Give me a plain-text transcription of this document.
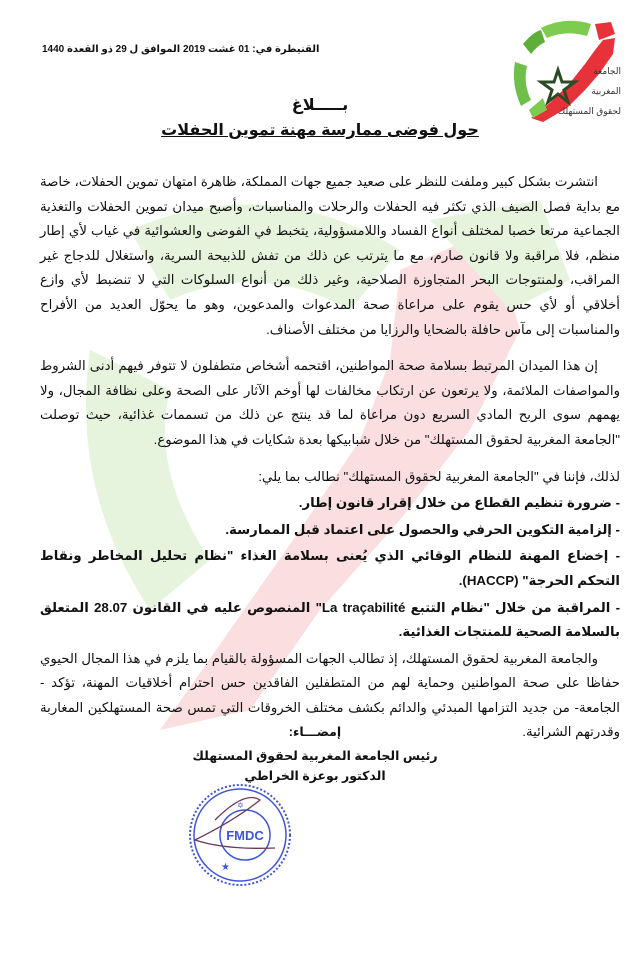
الجامعة
المغربية
لحقوق المستهلك
القنيطرة في: 01 غشت 2019 الموافق ل 29 ذو القعدة 1440
بـــــلاغ
حول فوضى ممارسة مهنة تموين الحفلات

انتشرت بشكل كبير وملفت للنظر على صعيد جميع جهات المملكة، ظاهرة امتهان تموين الحفلات، خاصة مع بداية فصل الصيف الذي تكثر فيه الحفلات والرحلات والمناسبات، وأصبح ميدان تموين الحفلات والتغذية الجماعية مرتعا خصبا لمختلف أنواع الفساد واللامسؤولية، يتخبط في الفوضى والعشوائية في غياب لأي إطار منظم، فلا مراقبة ولا قانون صارم، مع ما يترتب عن ذلك من تفش للذبيحة السرية، واستغلال للدجاج غير المراقب، ولمنتوجات البحر المتجاوزة الصلاحية، وغير ذلك من أنواع السلوكات التي لا تنضبط لأي وازع أخلاقي أو لأي حس يقوم على مراعاة صحة المدعوات والمدعوين، وهو ما يحوّل العديد من الأفراح والمناسبات إلى مآس حافلة بالضحايا والرزايا من مختلف الأصناف.

إن هذا الميدان المرتبط بسلامة صحة المواطنين، اقتحمه أشخاص متطفلون لا تتوفر فيهم أدنى الشروط والمواصفات الملائمة، ولا يرتعون عن ارتكاب مخالفات لها أوخم الآثار على الصحة وعلى نظافة المجال، ولا يهمهم سوى الربح المادي السريع دون مراعاة لما قد ينتج عن ذلك من تسممات غذائية، حيث توصلت "الجامعة المغربية لحقوق المستهلك" من خلال شبابيكها بعدة شكايات في هذا الموضوع.

لذلك، فإننا في "الجامعة المغربية لحقوق المستهلك" نطالب بما يلي:

- ضرورة تنظيم القطاع من خلال إقرار قانون إطار.

- إلزامية التكوين الحرفي والحصول على اعتماد قبل الممارسة.

- إخضاع المهنة للنظام الوقائي الذي يُعنى بسلامة الغذاء "نظام تحليل المخاطر ونقاط التحكم الحرجة" (HACCP).

- المراقبة من خلال "نظام التتبع La traçabilité" المنصوص عليه في القانون 28.07 المتعلق بالسلامة الصحية للمنتجات الغذائية.

والجامعة المغربية لحقوق المستهلك، إذ تطالب الجهات المسؤولة بالقيام بما يلزم في هذا المجال الحيوي حفاظا على صحة المواطنين وحماية لهم من المتطفلين الفاقدين حس احترام أخلاقيات المهنة، تؤكد - الجامعة- من جديد التزامها المبدئي والدائم بكشف مختلف الخروقات التي تمس صحة المستهلكين المغاربة وقدرتهم الشرائية.

إمضـــاء:
رئيس الجامعة المغربية لحقوق المستهلك
الدكتور بوعزة الخراطي
FMDC
★
✡
